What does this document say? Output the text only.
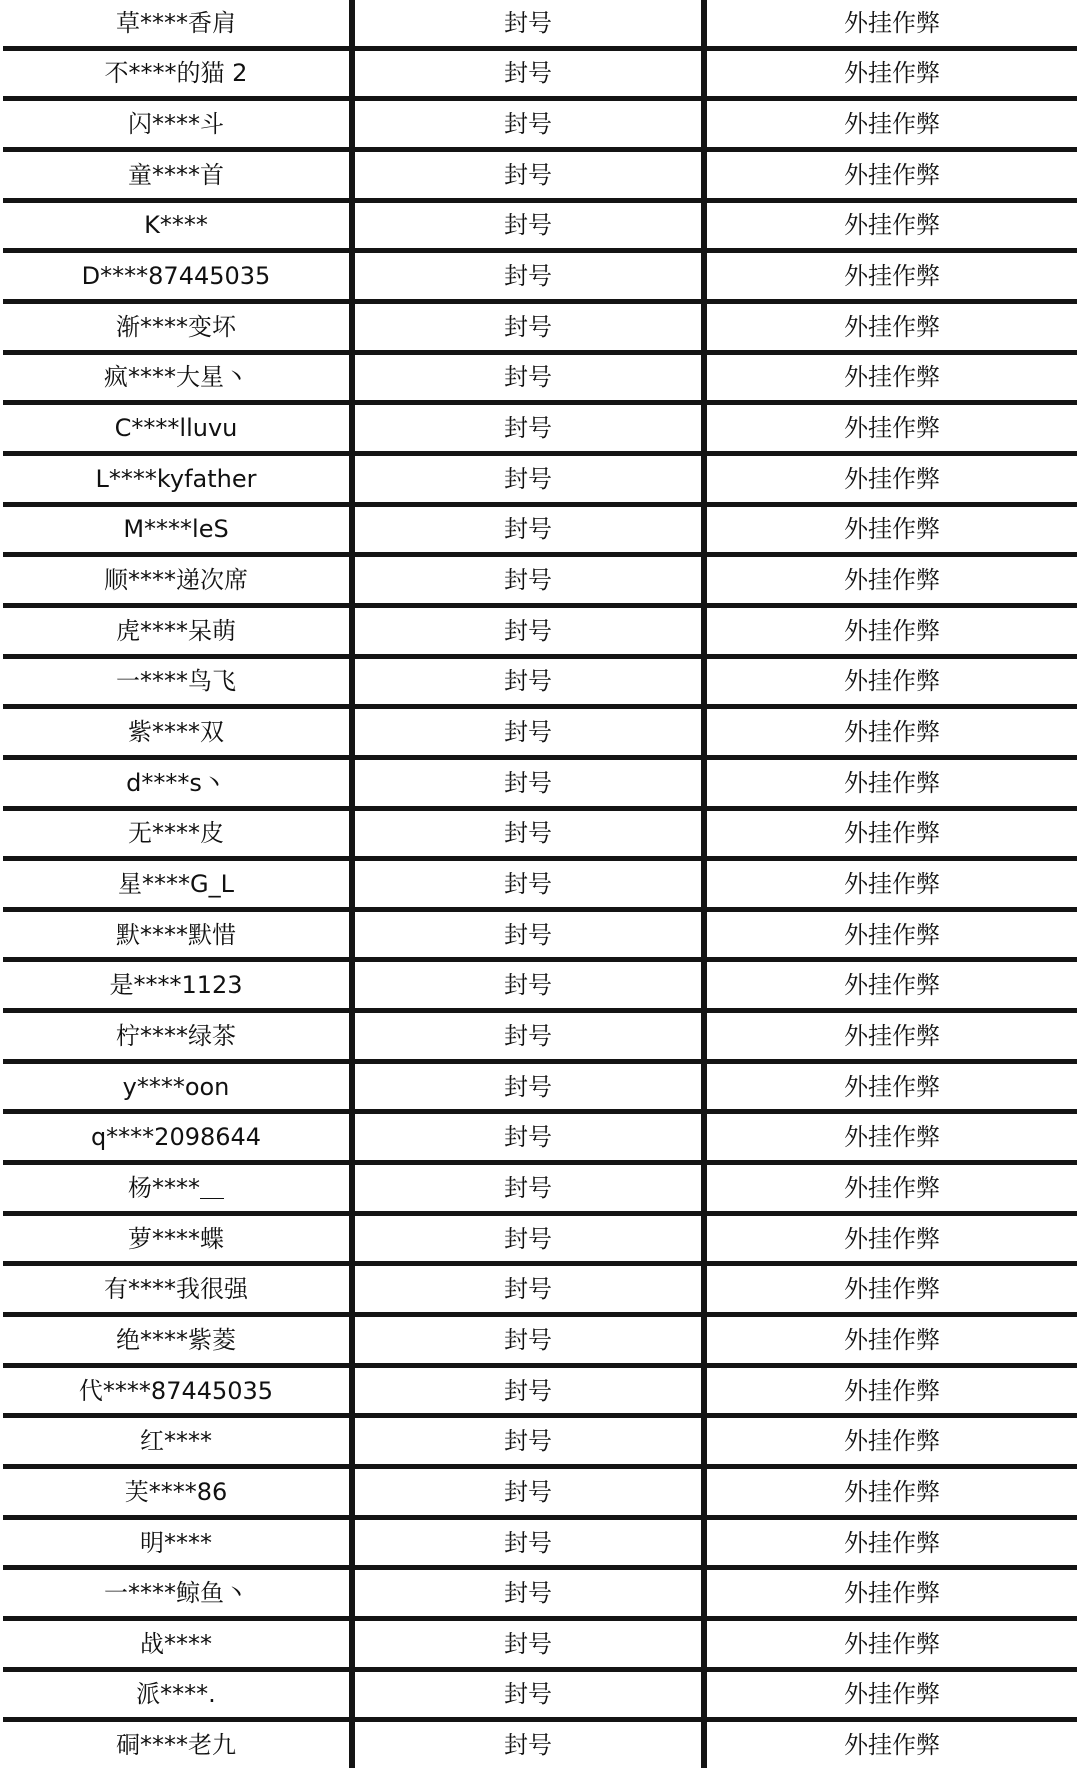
草****香肩	封号	外挂作弊
不****的猫 2	封号	外挂作弊
闪****斗	封号	外挂作弊
童****首	封号	外挂作弊
K****	封号	外挂作弊
D****87445035	封号	外挂作弊
渐****变坏	封号	外挂作弊
疯****大星丶	封号	外挂作弊
C****lluvu	封号	外挂作弊
L****kyfather	封号	外挂作弊
M****leS	封号	外挂作弊
顺****递次席	封号	外挂作弊
虎****呆萌	封号	外挂作弊
一****鸟飞	封号	外挂作弊
紫****双	封号	外挂作弊
d****s丶	封号	外挂作弊
无****皮	封号	外挂作弊
星****G_L	封号	外挂作弊
默****默惜	封号	外挂作弊
是****1123	封号	外挂作弊
柠****绿茶	封号	外挂作弊
y****oon	封号	外挂作弊
q****2098644	封号	外挂作弊
杨****＿	封号	外挂作弊
萝****蝶	封号	外挂作弊
有****我很强	封号	外挂作弊
绝****紫菱	封号	外挂作弊
代****87445035	封号	外挂作弊
红****	封号	外挂作弊
芙****86	封号	外挂作弊
明****	封号	外挂作弊
一****鲸鱼丶	封号	外挂作弊
战****	封号	外挂作弊
派****.	封号	外挂作弊
硐****老九	封号	外挂作弊
